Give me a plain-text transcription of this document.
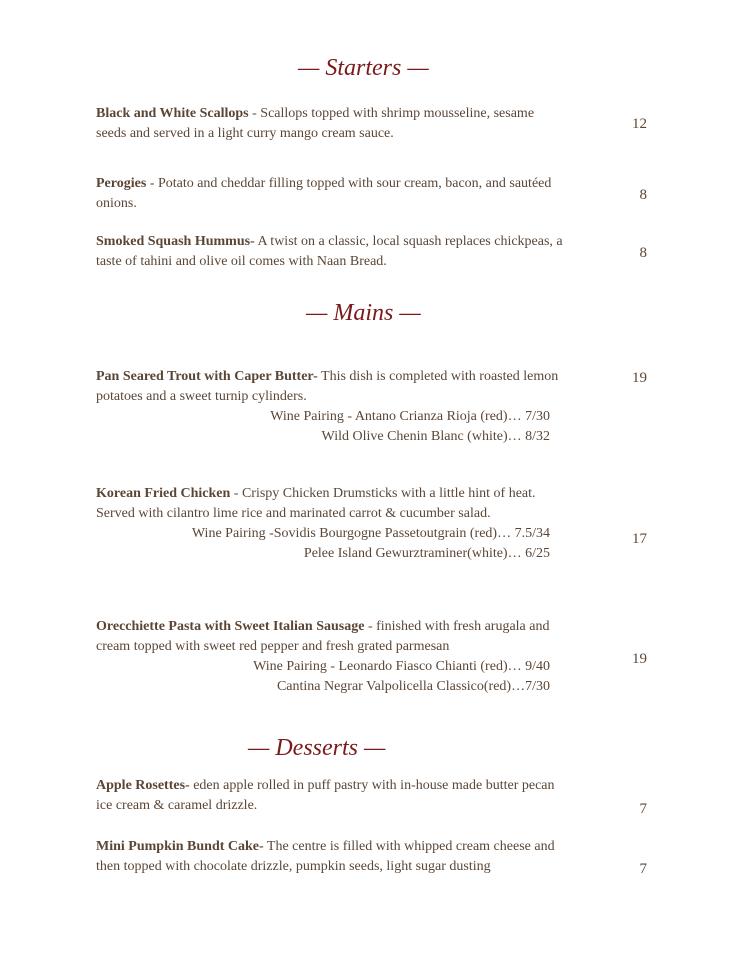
— Starters —

Black and White Scallops - Scallops topped with shrimp mousseline, sesame seeds and served in a light curry mango cream sauce.

12

Perogies - Potato and cheddar filling topped with sour cream, bacon, and sautéed onions.

8

Smoked Squash Hummus- A twist on a classic, local squash replaces chickpeas, a taste of tahini and olive oil comes with Naan Bread.

8
— Mains —

Pan Seared Trout with Caper Butter- This dish is completed with roasted lemon potatoes and a sweet turnip cylinders.

Wine Pairing - Antano Crianza Rioja (red)… 7/30

Wild Olive Chenin Blanc (white)… 8/32

19

Korean Fried Chicken - Crispy Chicken Drumsticks with a little hint of heat. Served with cilantro lime rice and marinated carrot & cucumber salad.

Wine Pairing -Sovidis Bourgogne Passetoutgrain (red)… 7.5/34

Pelee Island Gewurztraminer(white)… 6/25

17

Orecchiette Pasta with Sweet Italian Sausage - finished with fresh arugala and cream topped with sweet red pepper and fresh grated parmesan

Wine Pairing - Leonardo Fiasco Chianti (red)… 9/40

Cantina Negrar Valpolicella Classico(red)…7/30

19
— Desserts —

Apple Rosettes- eden apple rolled in puff pastry with in-house made butter pecan ice cream & caramel drizzle.	7

Mini Pumpkin Bundt Cake- The centre is filled with whipped cream cheese and then topped with chocolate drizzle, pumpkin seeds, light sugar dusting	7
